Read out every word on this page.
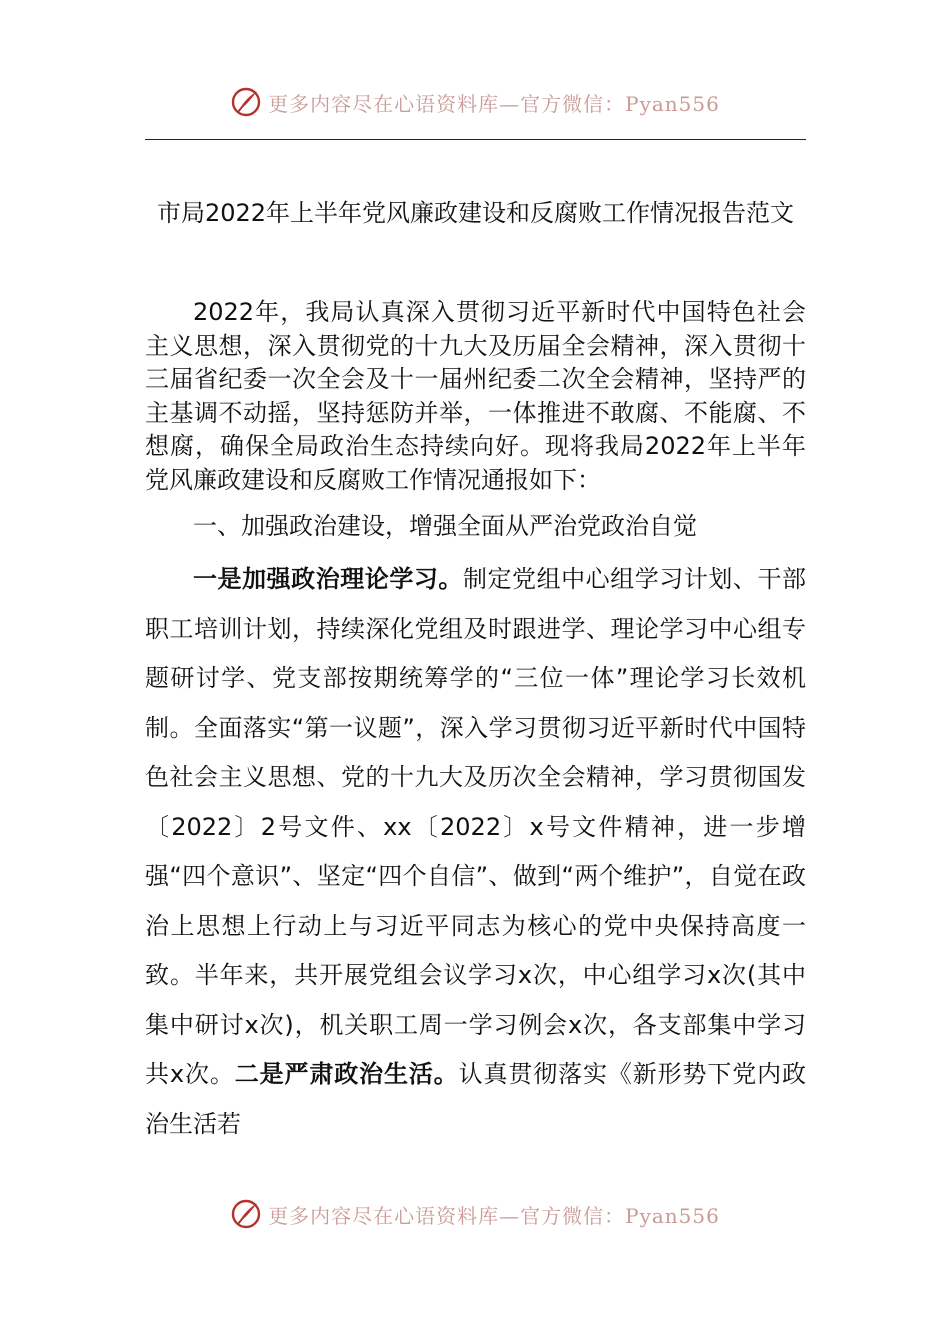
更多内容尽在心语资料库—官方微信：Pyan556
市局2022年上半年党风廉政建设和反腐败工作情况报告范文
2022年，我局认真深入贯彻习近平新时代中国特色社会主义思想，深入贯彻党的十九大及历届全会精神，深入贯彻十三届省纪委一次全会及十一届州纪委二次全会精神，坚持严的主基调不动摇，坚持惩防并举，一体推进不敢腐、不能腐、不想腐，确保全局政治生态持续向好。现将我局2022年上半年党风廉政建设和反腐败工作情况通报如下：
一、加强政治建设，增强全面从严治党政治自觉
一是加强政治理论学习。制定党组中心组学习计划、干部职工培训计划，持续深化党组及时跟进学、理论学习中心组专题研讨学、党支部按期统筹学的“三位一体”理论学习长效机制。全面落实“第一议题”，深入学习贯彻习近平新时代中国特色社会主义思想、党的十九大及历次全会精神，学习贯彻国发〔2022〕2号文件、xx〔2022〕x号文件精神，进一步增强“四个意识”、坚定“四个自信”、做到“两个维护”，自觉在政治上思想上行动上与习近平同志为核心的党中央保持高度一致。半年来，共开展党组会议学习x次，中心组学习x次(其中集中研讨x次)，机关职工周一学习例会x次，各支部集中学习共x次。二是严肃政治生活。认真贯彻落实《新形势下党内政治生活若
更多内容尽在心语资料库—官方微信：Pyan556
